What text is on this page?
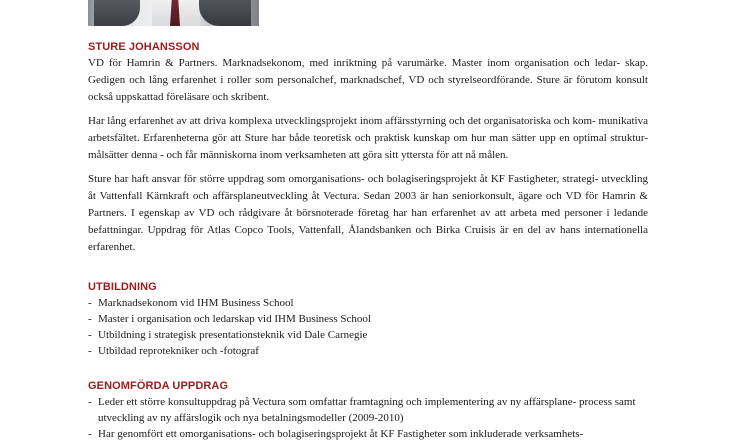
STURE JOHANSSON

VD för Hamrin & Partners. Marknadsekonom, med inriktning på varumärke. Master inom organisation och ledar- skap. Gedigen och lång erfarenhet i roller som personalchef, marknadschef, VD och styrelseordförande. Sture är förutom konsult också uppskattad föreläsare och skribent.

Har lång erfarenhet av att driva komplexa utvecklingsprojekt inom affärsstyrning och det organisatoriska och kom- munikativa arbetsfältet. Erfarenheterna gör att Sture har både teoretisk och praktisk kunskap om hur man sätter upp en optimal struktur- målsätter denna - och får människorna inom verksamheten att göra sitt yttersta för att nå målen.

Sture har haft ansvar för större uppdrag som omorganisations- och bolagiseringsprojekt åt KF Fastigheter, strategi- utveckling åt Vattenfall Kärnkraft och affärsplaneutveckling åt Vectura. Sedan 2003 är han seniorkonsult, ägare och VD för Hamrin & Partners. I egenskap av VD och rådgivare åt börsnoterade företag har han erfarenhet av att arbeta med personer i ledande befattningar. Uppdrag för Atlas Copco Tools, Vattenfall, Ålandsbanken och Birka Cruisis är en del av hans internationella erfarenhet.

UTBILDNING
- Marknadsekonom vid IHM Business School
- Master i organisation och ledarskap vid IHM Business School
- Utbildning i strategisk presentationsteknik vid Dale Carnegie
- Utbildad reprotekniker och -fotograf
GENOMFÖRDA UPPDRAG
- Leder ett större konsultuppdrag på Vectura som omfattar framtagning och implementering av ny affärsplane- process samt utveckling av ny affärslogik och nya betalningsmodeller (2009-2010)
- Har genomfört ett omorganisations- och bolagiseringsprojekt åt KF Fastigheter som inkluderade verksamhets-
